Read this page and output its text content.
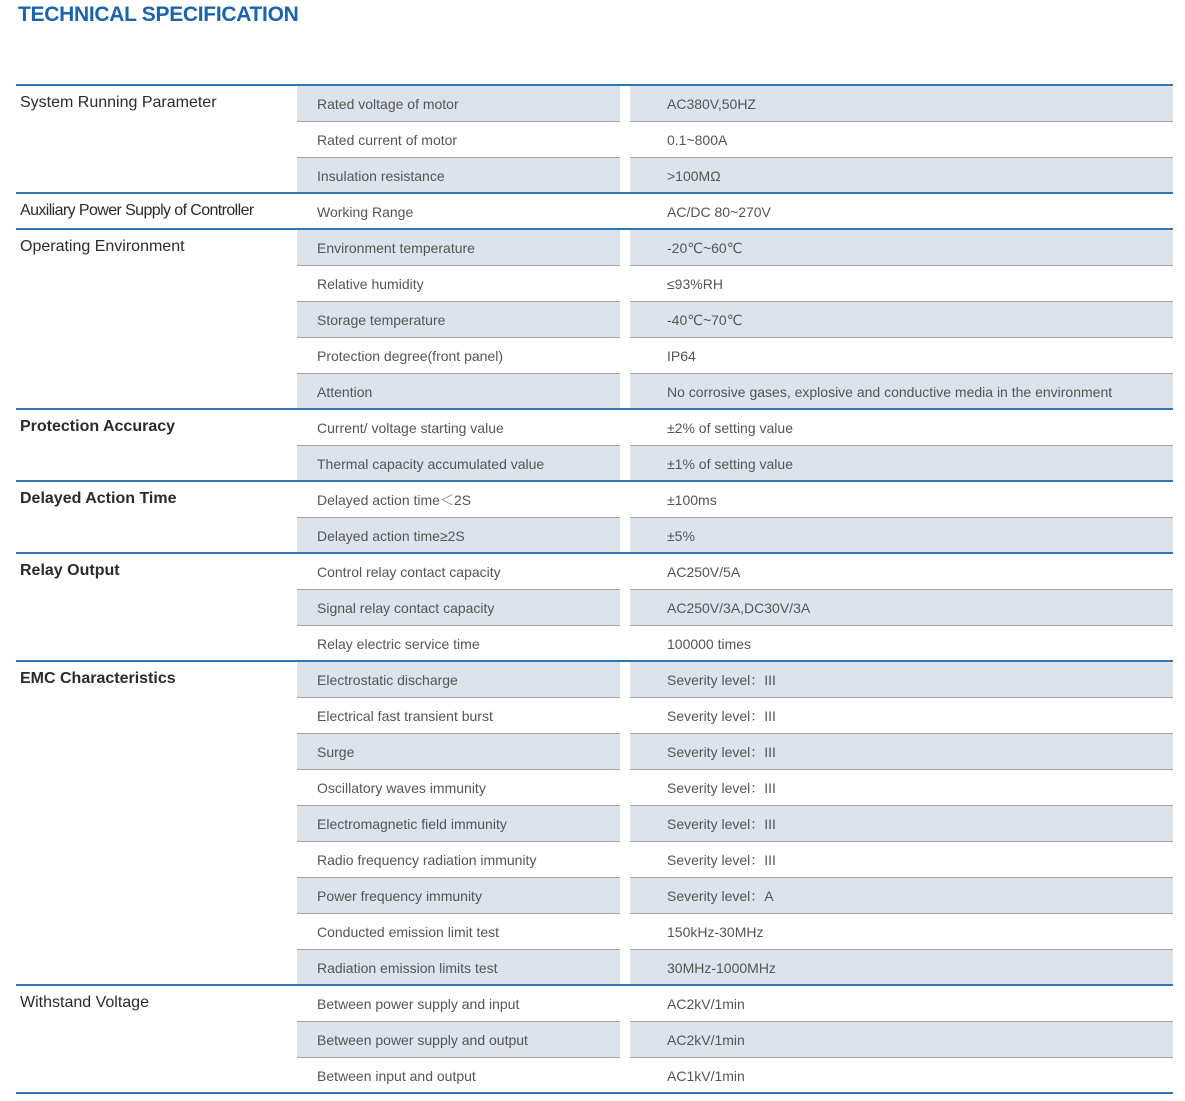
TECHNICAL SPECIFICATION
System Running Parameter	Rated voltage of motor	AC380V,50HZ
Rated current of motor	0.1~800A
Insulation resistance	>100MΩ
Auxiliary Power Supply of Controller	Working Range	AC/DC 80~270V
Operating Environment	Environment temperature	-20℃~60℃
Relative humidity	≤93%RH
Storage temperature	-40℃~70℃
Protection degree(front panel)	IP64
Attention	No corrosive gases, explosive and conductive media in the environment
Protection Accuracy	Current/ voltage starting value	±2% of setting value
Thermal capacity accumulated value	±1% of setting value
Delayed Action Time	Delayed action time＜2S	±100ms
Delayed action time≥2S	±5%
Relay Output	Control relay contact capacity	AC250V/5A
Signal relay contact capacity	AC250V/3A,DC30V/3A
Relay electric service time	100000 times
EMC Characteristics	Electrostatic discharge	Severity level：III
Electrical fast transient burst	Severity level：III
Surge	Severity level：III
Oscillatory waves immunity	Severity level：III
Electromagnetic field immunity	Severity level：III
Radio frequency radiation immunity	Severity level：III
Power frequency immunity	Severity level：A
Conducted emission limit test	150kHz-30MHz
Radiation emission limits test	30MHz-1000MHz
Withstand Voltage	Between power supply and input	AC2kV/1min
Between power supply and output	AC2kV/1min
Between input and output	AC1kV/1min
